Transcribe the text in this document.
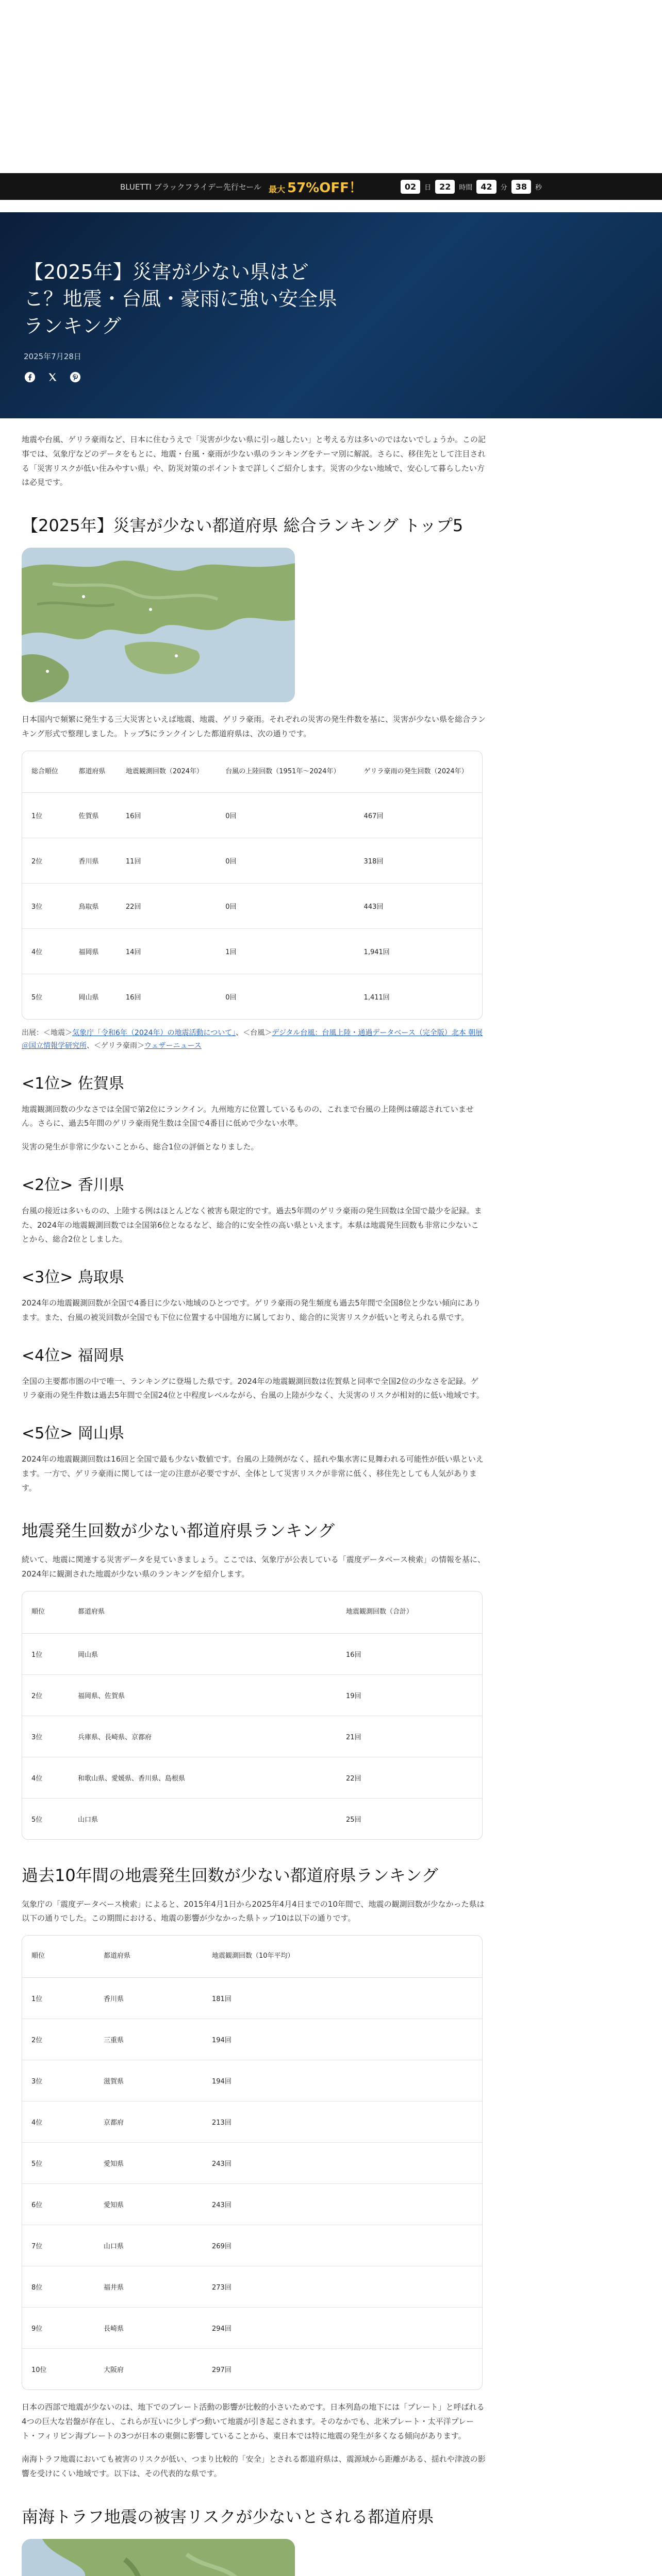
BLUETTI ブラックフライデー先行セール 最大 57%OFF！	02	日	22	時間	42	分	38	秒
【2025年】災害が少ない県はどこ？地震・台風・豪雨に強い安全県ランキング
2025年7月28日

地震や台風、ゲリラ豪雨など、日本に住むうえで「災害が少ない県に引っ越したい」と考える方は多いのではないでしょうか。この記事では、気象庁などのデータをもとに、地震・台風・豪雨が少ない県のランキングをテーマ別に解説。さらに、移住先として注目される「災害リスクが低い住みやすい県」や、防災対策のポイントまで詳しくご紹介します。災害の少ない地域で、安心して暮らしたい方は必見です。

【2025年】災害が少ない都道府県 総合ランキング トップ5

日本国内で頻繁に発生する三大災害といえば地震、地震、ゲリラ豪雨。それぞれの災害の発生件数を基に、災害が少ない県を総合ランキング形式で整理しました。トップ5にランクインした都道府県は、次の通りです。

総合順位	都道府県	地震観測回数（2024年）	台風の上陸回数（1951年〜2024年）	ゲリラ豪雨の発生回数（2024年）
1位	佐賀県	16回	0回	467回
2位	香川県	11回	0回	318回
3位	鳥取県	22回	0回	443回
4位	福岡県	14回	1回	1,941回
5位	岡山県	16回	0回	1,411回

出展：＜地震＞気象庁「令和6年（2024年）の地震活動について」、＜台風＞デジタル台風：台風上陸・通過データベース（完全版）北本 朝展＠国立情報学研究所、＜ゲリラ豪雨＞ウェザーニュース

<1位> 佐賀県

地震観測回数の少なさでは全国で第2位にランクイン。九州地方に位置しているものの、これまで台風の上陸例は確認されていません。さらに、過去5年間のゲリラ豪雨発生数は全国で4番目に低めで少ない水準。

災害の発生が非常に少ないことから、総合1位の評価となりました。

<2位> 香川県

台風の接近は多いものの、上陸する例はほとんどなく被害も限定的です。過去5年間のゲリラ豪雨の発生回数は全国で最少を記録。また、2024年の地震観測回数では全国第6位となるなど、総合的に安全性の高い県といえます。本県は地震発生回数も非常に少ないことから、総合2位としました。

<3位> 鳥取県

2024年の地震観測回数が全国で4番目に少ない地域のひとつです。ゲリラ豪雨の発生頻度も過去5年間で全国8位と少ない傾向にあります。また、台風の被災回数が全国でも下位に位置する中国地方に属しており、総合的に災害リスクが低いと考えられる県です。

<4位> 福岡県

全国の主要都市圏の中で唯一、ランキングに登場した県です。2024年の地震観測回数は佐賀県と同率で全国2位の少なさを記録。ゲリラ豪雨の発生件数は過去5年間で全国24位と中程度レベルながら、台風の上陸が少なく、大災害のリスクが相対的に低い地域です。

<5位> 岡山県

2024年の地震観測回数は16回と全国で最も少ない数値です。台風の上陸例がなく、揺れや集水害に見舞われる可能性が低い県といえます。一方で、ゲリラ豪雨に関しては一定の注意が必要ですが、全体として災害リスクが非常に低く、移住先としても人気があります。

地震発生回数が少ない都道府県ランキング

続いて、地震に関連する災害データを見ていきましょう。ここでは、気象庁が公表している「震度データベース検索」の情報を基に、2024年に観測された地震が少ない県のランキングを紹介します。

順位	都道府県	地震観測回数（合計）
1位	岡山県	16回
2位	福岡県、佐賀県	19回
3位	兵庫県、長崎県、京都府	21回
4位	和歌山県、愛媛県、香川県、島根県	22回
5位	山口県	25回
過去10年間の地震発生回数が少ない都道府県ランキング

気象庁の「震度データベース検索」によると、2015年4月1日から2025年4月4日までの10年間で、地震の観測回数が少なかった県は以下の通りでした。この期間における、地震の影響が少なかった県トップ10は以下の通りです。

順位	都道府県	地震観測回数（10年平均）
1位	香川県	181回
2位	三重県	194回
3位	滋賀県	194回
4位	京都府	213回
5位	愛知県	243回
6位	愛知県	243回
7位	山口県	269回
8位	福井県	273回
9位	長崎県	294回
10位	大阪府	297回

日本の西部で地震が少ないのは、地下でのプレート活動の影響が比較的小さいためです。日本列島の地下には「プレート」と呼ばれる4つの巨大な岩盤が存在し、これらが互いに少しずつ動いて地震が引き起こされます。そのなかでも、北米プレート・太平洋プレート・フィリピン海プレートの3つが日本の東側に影響していることから、東日本では特に地震の発生が多くなる傾向があります。

南海トラフ地震においても被害のリスクが低い、つまり比較的「安全」とされる都道府県は、震源域から距離がある、揺れや津波の影響を受けにくい地域です。以下は、その代表的な県です。

南海トラフ地震の被害リスクが少ないとされる都道府県
